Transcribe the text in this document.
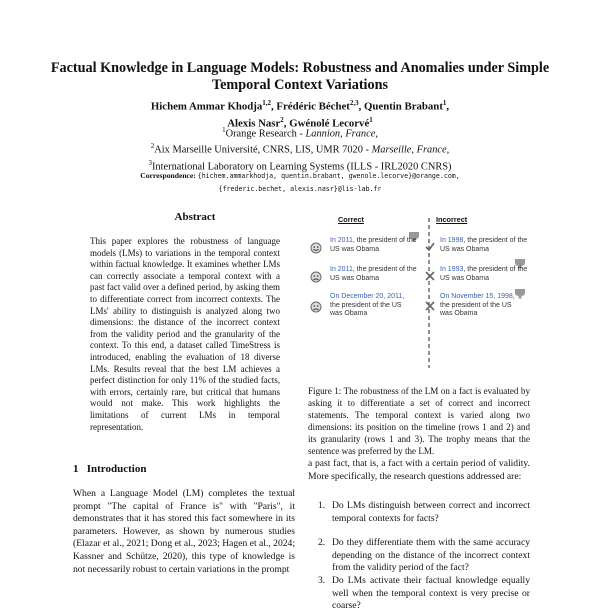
Factual Knowledge in Language Models: Robustness and Anomalies under Simple Temporal Context Variations
Hichem Ammar Khodja$^{1,2}$, Frédéric Béchet$^{2,3}$, Quentin Brabant$^1$,
Alexis Nasr$^2$, Gwénolé Lecorvé$^1$
$^1$Orange Research - Lannion, France,
$^2$Aix Marseille Université, CNRS, LIS, UMR 7020 - Marseille, France,
$^3$International Laboratory on Learning Systems (ILLS - IRL2020 CNRS)
Correspondence: {hichem.ammarkhodja, quentin.brabant, gwenole.lecorve}@orange.com,
{frederic.bechet, alexis.nasr}@lis-lab.fr
Abstract

This paper explores the robustness of language models (LMs) to variations in the temporal context within factual knowledge. It examines whether LMs can correctly associate a temporal context with a past fact valid over a defined period, by asking them to differentiate correct from incorrect contexts. The LMs' ability to distinguish is analyzed along two dimensions: the distance of the incorrect context from the validity period and the granularity of the context. To this end, a dataset called TimeStress is introduced, enabling the evaluation of 18 diverse LMs. Results reveal that the best LM achieves a perfect distinction for only 11% of the studied facts, with errors, certainly rare, but critical that humans would not make. This work highlights the limitations of current LMs in temporal representation.

1 Introduction

When a Language Model (LM) completes the textual prompt "The capital of France is" with "Paris", it demonstrates that it has stored this fact somewhere in its parameters. However, as shown by numerous studies (Elazar et al., 2021; Dong et al., 2023; Hagen et al., 2024; Kassner and Schütze, 2020), this type of knowledge is not necessarily robust to certain variations in the prompt

Correct	Incorrect
In 2011, the president of the US was Obama
In 1998, the president of the US was Obama
In 2011, the president of the US was Obama
In 1993, the president of the US was Obama
On December 20, 2011, the president of the US was Obama
On November 15, 1998, the president of the US was Obama

Figure 1: The robustness of the LM on a fact is evaluated by asking it to differentiate a set of correct and incorrect statements. The temporal context is varied along two dimensions: its position on the timeline (rows 1 and 2) and its granularity (rows 1 and 3). The trophy means that the sentence was preferred by the LM.

a past fact, that is, a fact with a certain period of validity. More specifically, the research questions addressed are:

1. Do LMs distinguish between correct and incorrect temporal contexts for facts?
2. Do they differentiate them with the same accuracy depending on the distance of the incorrect context from the validity period of the fact?
3. Do LMs activate their factual knowledge equally well when the temporal context is very precise or coarse?
